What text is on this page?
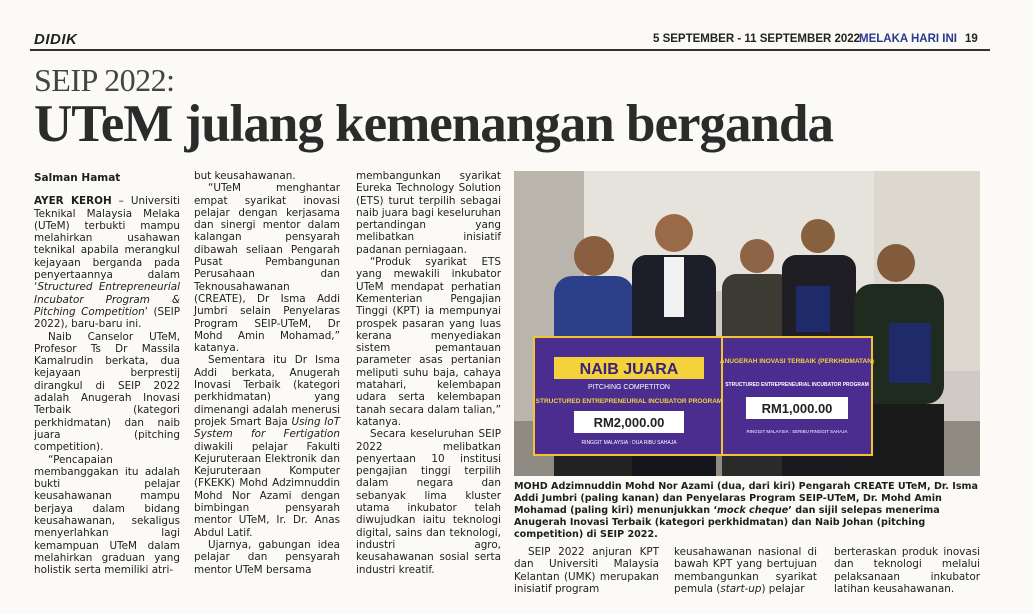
DIDIK	5 SEPTEMBER - 11 SEPTEMBER 2022
MELAKA HARI INI 19
SEIP 2022:
UTeM julang kemenangan berganda

Salman Hamat

AYER KEROH – Universiti Teknikal Malaysia Melaka (UTeM) terbukti mampu melahirkan usahawan teknikal apabila merangkul kejayaan berganda pada penyertaannya dalam ‘Structured Entrepreneurial Incubator Program & Pitching Competition’ (SEIP 2022), baru-baru ini.

Naib Canselor UTeM, Profesor Ts Dr Massila Kamalrudin berkata, dua kejayaan berprestij dirangkul di SEIP 2022 adalah Anugerah Inovasi Terbaik (kategori perkhidmatan) dan naib juara (pitching competition).

“Pencapaian membanggakan itu adalah bukti pelajar keusahawanan mampu berjaya dalam bidang keusahawanan, sekaligus menyerlahkan lagi kemampuan UTeM dalam melahirkan graduan yang holistik serta memiliki atri-

but keusahawanan.

“UTeM menghantar empat syarikat inovasi pelajar dengan kerjasama dan sinergi mentor dalam kalangan pensyarah dibawah seliaan Pengarah Pusat Pembangunan Perusahaan dan Teknousahawanan (CREATE), Dr Isma Addi Jumbri selain Penyelaras Program SEIP-UTeM, Dr Mohd Amin Mohamad,” katanya.

Sementara itu Dr Isma Addi berkata, Anugerah Inovasi Terbaik (kategori perkhidmatan) yang dimenangi adalah menerusi projek Smart Baja Using IoT System for Fertigation diwakili pelajar Fakulti Kejuruteraan Elektronik dan Kejuruteraan Komputer (FKEKK) Mohd Adzimnuddin Mohd Nor Azami dengan bimbingan pensyarah mentor UTeM, Ir. Dr. Anas Abdul Latif.

Ujarnya, gabungan idea pelajar dan pensyarah mentor UTeM bersama

membangunkan syarikat Eureka Technology Solution (ETS) turut terpilih sebagai naib juara bagi keseluruhan pertandingan yang melibatkan inisiatif padanan perniagaan.

“Produk syarikat ETS yang mewakili inkubator UTeM mendapat perhatian Kementerian Pengajian Tinggi (KPT) ia mempunyai prospek pasaran yang luas kerana menyediakan sistem pemantauan parameter asas pertanian meliputi suhu baja, cahaya matahari, kelembapan udara serta kelembapan tanah secara dalam talian,” katanya.

Secara keseluruhan SEIP 2022 melibatkan penyertaan 10 institusi pengajian tinggi terpilih dalam negara dan sebanyak lima kluster utama inkubator telah diwujudkan iaitu teknologi digital, sains dan teknologi, industri agro, keusahawanan sosial serta industri kreatif.

NAIB JUARA
PITCHING COMPETITON
STRUCTURED ENTREPRENEURIAL INCUBATOR PROGRAM
RM2,000.00
RINGGIT MALAYSIA : DUA RIBU SAHAJA
ANUGERAH INOVASI TERBAIK (PERKHIDMATAN)
STRUCTURED ENTREPRENEURIAL INCUBATOR PROGRAM
RM1,000.00
RINGGIT MALAYSIA : SERIBU RINGGIT SAHAJA
MOHD Adzimnuddin Mohd Nor Azami (dua, dari kiri) Pengarah CREATE UTeM, Dr. Isma Addi Jumbri (paling kanan) dan Penyelaras Program SEIP-UTeM, Dr. Mohd Amin Mohamad (paling kiri) menunjukkan ‘mock cheque’ dan sijil selepas menerima Anugerah Inovasi Terbaik (kategori perkhidmatan) dan Naib Johan (pitching competition) di SEIP 2022.

SEIP 2022 anjuran KPT dan Universiti Malaysia Kelantan (UMK) merupakan inisiatif program

keusahawanan nasional di bawah KPT yang bertujuan membangunkan syarikat pemula (start-up) pelajar

berteraskan produk inovasi dan teknologi melalui pelaksanaan inkubator latihan keusahawanan.
